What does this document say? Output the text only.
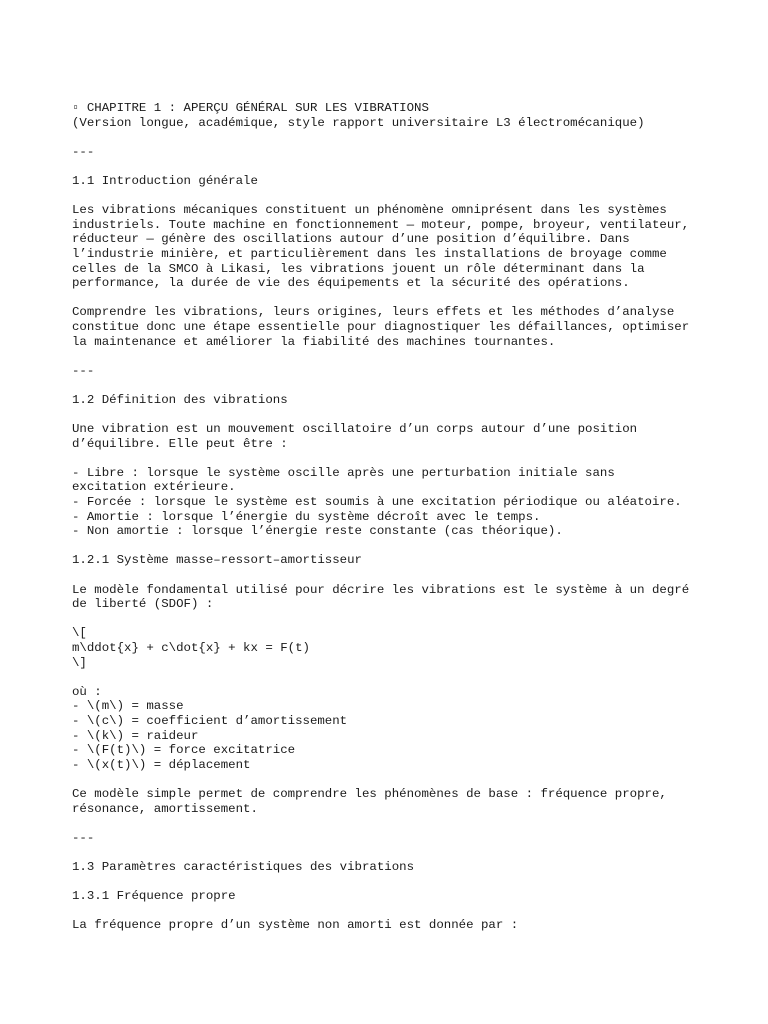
▫ CHAPITRE 1 : APERÇU GÉNÉRAL SUR LES VIBRATIONS
(Version longue, académique, style rapport universitaire L3 électromécanique)
---
1.1 Introduction générale
Les vibrations mécaniques constituent un phénomène omniprésent dans les systèmes
industriels. Toute machine en fonctionnement — moteur, pompe, broyeur, ventilateur,
réducteur — génère des oscillations autour d’une position d’équilibre. Dans
l’industrie minière, et particulièrement dans les installations de broyage comme
celles de la SMCO à Likasi, les vibrations jouent un rôle déterminant dans la
performance, la durée de vie des équipements et la sécurité des opérations.
Comprendre les vibrations, leurs origines, leurs effets et les méthodes d’analyse
constitue donc une étape essentielle pour diagnostiquer les défaillances, optimiser
la maintenance et améliorer la fiabilité des machines tournantes.
---
1.2 Définition des vibrations
Une vibration est un mouvement oscillatoire d’un corps autour d’une position
d’équilibre. Elle peut être :
- Libre : lorsque le système oscille après une perturbation initiale sans
excitation extérieure.
- Forcée : lorsque le système est soumis à une excitation périodique ou aléatoire.
- Amortie : lorsque l’énergie du système décroît avec le temps.
- Non amortie : lorsque l’énergie reste constante (cas théorique).
1.2.1 Système masse–ressort–amortisseur
Le modèle fondamental utilisé pour décrire les vibrations est le système à un degré
de liberté (SDOF) :
\[
m\ddot{x} + c\dot{x} + kx = F(t)
\]
où :
- \(m\) = masse
- \(c\) = coefficient d’amortissement
- \(k\) = raideur
- \(F(t)\) = force excitatrice
- \(x(t)\) = déplacement
Ce modèle simple permet de comprendre les phénomènes de base : fréquence propre,
résonance, amortissement.
---
1.3 Paramètres caractéristiques des vibrations
1.3.1 Fréquence propre
La fréquence propre d’un système non amorti est donnée par :
